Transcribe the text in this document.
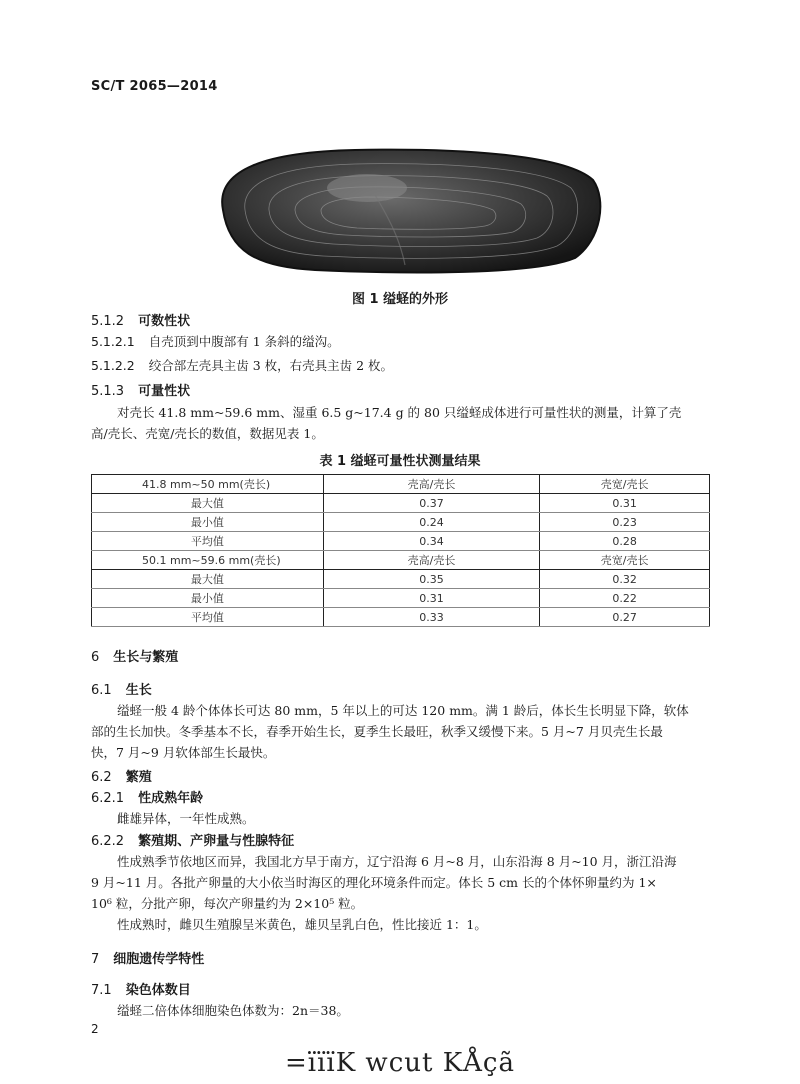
SC/T 2065—2014
图 1 缢蛏的外形
5.1.2 可数性状
5.1.2.1 自壳顶到中腹部有 1 条斜的缢沟。
5.1.2.2 绞合部左壳具主齿 3 枚，右壳具主齿 2 枚。
5.1.3 可量性状
对壳长 41.8 mm~59.6 mm、湿重 6.5 g~17.4 g 的 80 只缢蛏成体进行可量性状的测量，计算了壳
高/壳长、壳宽/壳长的数值，数据见表 1。
表 1 缢蛏可量性状测量结果
41.8 mm~50 mm(壳长)	壳高/壳长	壳宽/壳长
最大值	0.37	0.31
最小值	0.24	0.23
平均值	0.34	0.28
50.1 mm~59.6 mm(壳长)	壳高/壳长	壳宽/壳长
最大值	0.35	0.32
最小值	0.31	0.22
平均值	0.33	0.27
6 生长与繁殖
6.1 生长
缢蛏一般 4 龄个体体长可达 80 mm，5 年以上的可达 120 mm。满 1 龄后，体长生长明显下降，软体
部的生长加快。冬季基本不长，春季开始生长，夏季生长最旺，秋季又缓慢下来。5 月~7 月贝壳生长最
快，7 月~9 月软体部生长最快。
6.2 繁殖
6.2.1 性成熟年龄
雌雄异体，一年性成熟。
6.2.2 繁殖期、产卵量与性腺特征
性成熟季节依地区而异，我国北方早于南方，辽宁沿海 6 月~8 月，山东沿海 8 月~10 月，浙江沿海
9 月~11 月。各批产卵量的大小依当时海区的理化环境条件而定。体长 5 cm 长的个体怀卵量约为 1×
10⁶ 粒，分批产卵，每次产卵量约为 2×10⁵ 粒。
性成熟时，雌贝生殖腺呈米黄色，雄贝呈乳白色，性比接近 1：1。
7 细胞遗传学特性
7.1 染色体数目
缢蛏二倍体体细胞染色体数为：2n＝38。
2
=ïïïK wcut KÅçã
